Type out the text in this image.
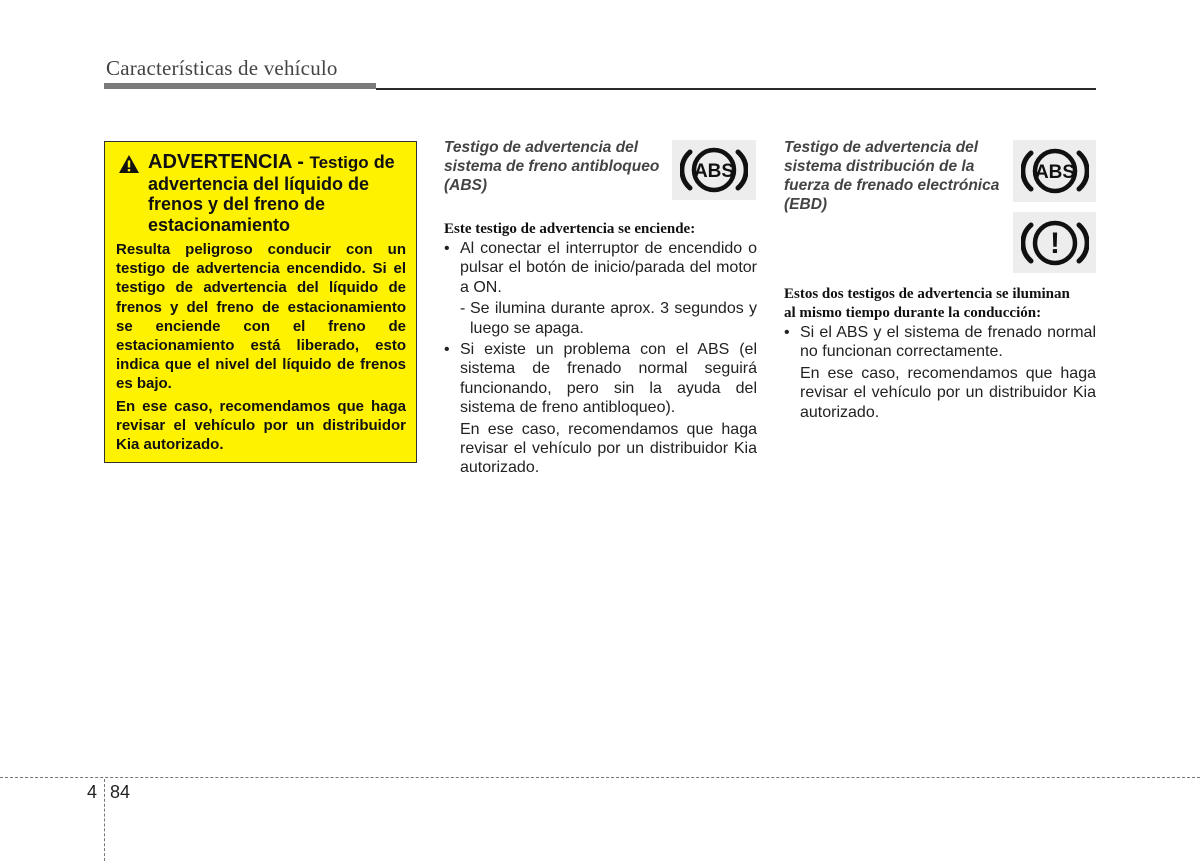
Características de vehículo
ADVERTENCIA - Testigo de advertencia del líquido de frenos y del freno de estacionamiento

Resulta peligroso conducir con un testigo de advertencia encendido. Si el testigo de advertencia del líquido de frenos y del freno de estacionamiento se enciende con el freno de estacionamiento está liberado, esto indica que el nivel del líquido de frenos es bajo.

En ese caso, recomendamos que haga revisar el vehículo por un distribuidor Kia autorizado.

Testigo de advertencia del sistema de freno antibloqueo (ABS)
ABS
Este testigo de advertencia se enciende:
• Al conectar el interruptor de encendido o pulsar el botón de inicio/parada del motor a ON.
- Se ilumina durante aprox. 3 segundos y luego se apaga.
• Si existe un problema con el ABS (el sistema de frenado normal seguirá funcionando, pero sin la ayuda del sistema de freno antibloqueo).
En ese caso, recomendamos que haga revisar el vehículo por un distribuidor Kia autorizado.
Testigo de advertencia del sistema distribución de la fuerza de frenado electrónica (EBD)
ABS
!
Estos dos testigos de advertencia se iluminan al mismo tiempo durante la conducción:
• Si el ABS y el sistema de frenado normal no funcionan correctamente.
En ese caso, recomendamos que haga revisar el vehículo por un distribuidor Kia autorizado.
4 84
